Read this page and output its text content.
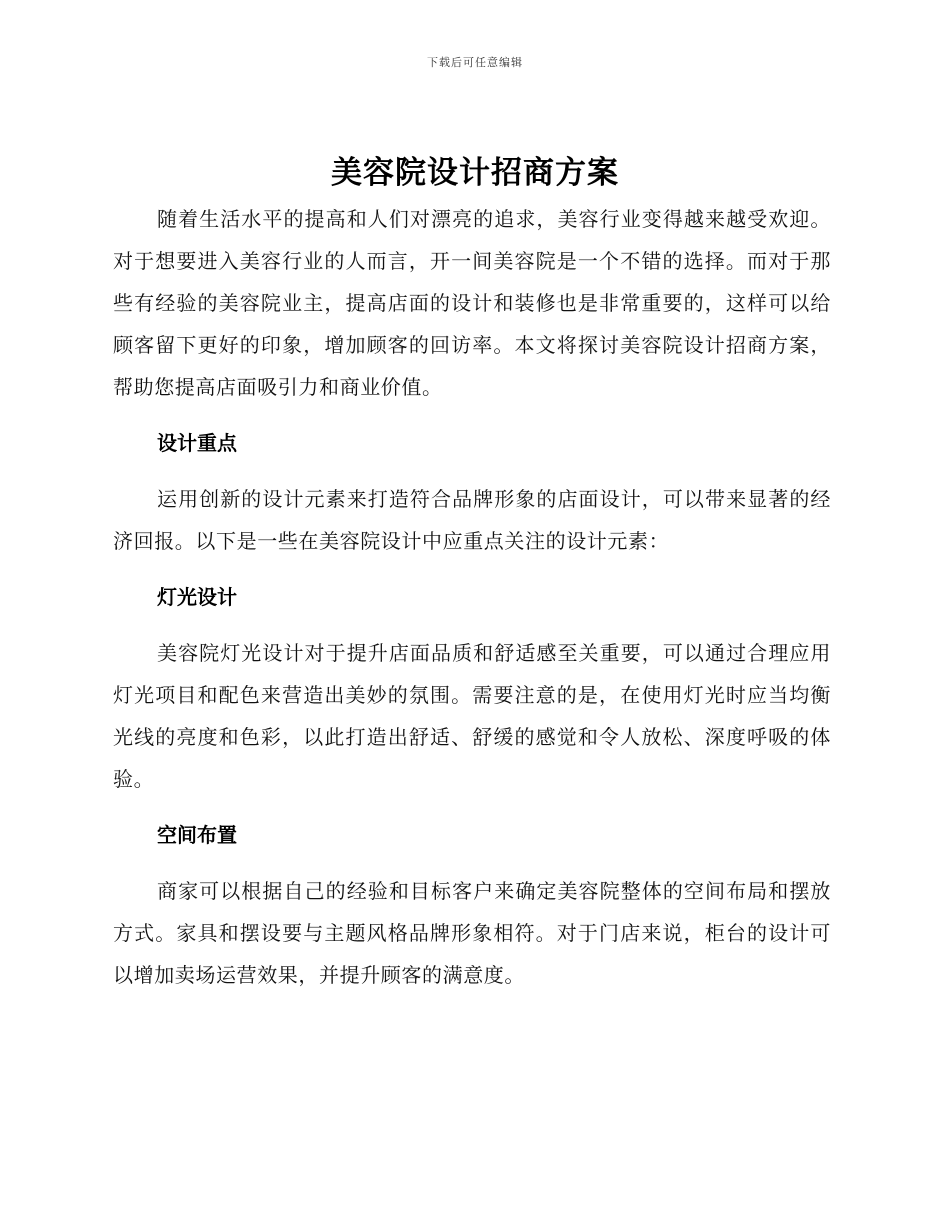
下载后可任意编辑
美容院设计招商方案

随着生活水平的提高和人们对漂亮的追求，美容行业变得越来越受欢迎。对于想要进入美容行业的人而言，开一间美容院是一个不错的选择。而对于那些有经验的美容院业主，提高店面的设计和装修也是非常重要的，这样可以给顾客留下更好的印象，增加顾客的回访率。本文将探讨美容院设计招商方案，帮助您提高店面吸引力和商业价值。

设计重点

运用创新的设计元素来打造符合品牌形象的店面设计，可以带来显著的经济回报。以下是一些在美容院设计中应重点关注的设计元素：

灯光设计

美容院灯光设计对于提升店面品质和舒适感至关重要，可以通过合理应用灯光项目和配色来营造出美妙的氛围。需要注意的是，在使用灯光时应当均衡光线的亮度和色彩，以此打造出舒适、舒缓的感觉和令人放松、深度呼吸的体验。

空间布置

商家可以根据自己的经验和目标客户来确定美容院整体的空间布局和摆放方式。家具和摆设要与主题风格品牌形象相符。对于门店来说，柜台的设计可以增加卖场运营效果，并提升顾客的满意度。
